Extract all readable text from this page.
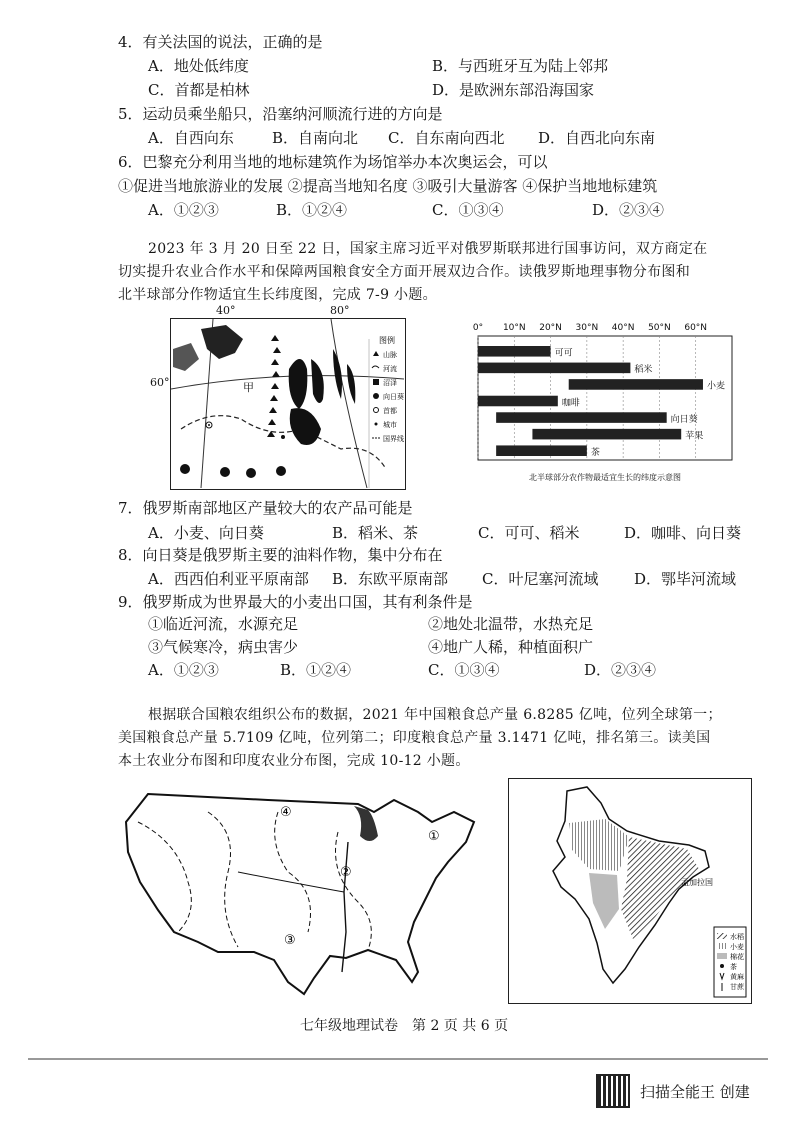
4．有关法国的说法，正确的是
A．地处低纬度	B．与西班牙互为陆上邻邦
C．首都是柏林	D．是欧洲东部沿海国家
5．运动员乘坐船只，沿塞纳河顺流行进的方向是
A．自西向东	B．自南向北 C．自东南向西北 D．自西北向东南
6．巴黎充分利用当地的地标建筑作为场馆举办本次奥运会，可以
①促进当地旅游业的发展 ②提高当地知名度 ③吸引大量游客 ④保护当地地标建筑
A．①②③	B．①②④	C．①③④	D．②③④
2023 年 3 月 20 日至 22 日，国家主席习近平对俄罗斯联邦进行国事访问，双方商定在
切实提升农业合作水平和保障两国粮食安全方面开展双边合作。读俄罗斯地理事物分布图和
北半球部分作物适宜生长纬度图，完成 7-9 小题。
甲
图例
山脉
河流
沼泽
向日葵
首都
城市
国界线
40°	80°
60°
0° 10°N 20°N 30°N 40°N 50°N 60°N
可可
稻米
小麦
咖啡
向日葵
苹果
茶
北半球部分农作物最适宜生长的纬度示意图
7．俄罗斯南部地区产量较大的农产品可能是
A．小麦、向日葵	B．稻米、茶	C．可可、稻米	D．咖啡、向日葵
8．向日葵是俄罗斯主要的油料作物，集中分布在
A．西西伯利亚平原南部 B．东欧平原南部 C．叶尼塞河流域 D．鄂毕河流域
9．俄罗斯成为世界最大的小麦出口国，其有利条件是
①临近河流，水源充足	②地处北温带，水热充足
③气候寒冷，病虫害少	④地广人稀，种植面积广
A．①②③	B．①②④	C．①③④	D．②③④
根据联合国粮农组织公布的数据，2021 年中国粮食总产量 6.8285 亿吨，位列全球第一；
美国粮食总产量 5.7109 亿吨，位列第二；印度粮食总产量 3.1471 亿吨，排名第三。读美国
本土农业分布图和印度农业分布图，完成 10-12 小题。
①
②
③
④
孟加拉国
水稻
小麦
棉花
茶
黄麻
甘蔗
七年级地理试卷　第 2 页 共 6 页
扫描全能王 创建
